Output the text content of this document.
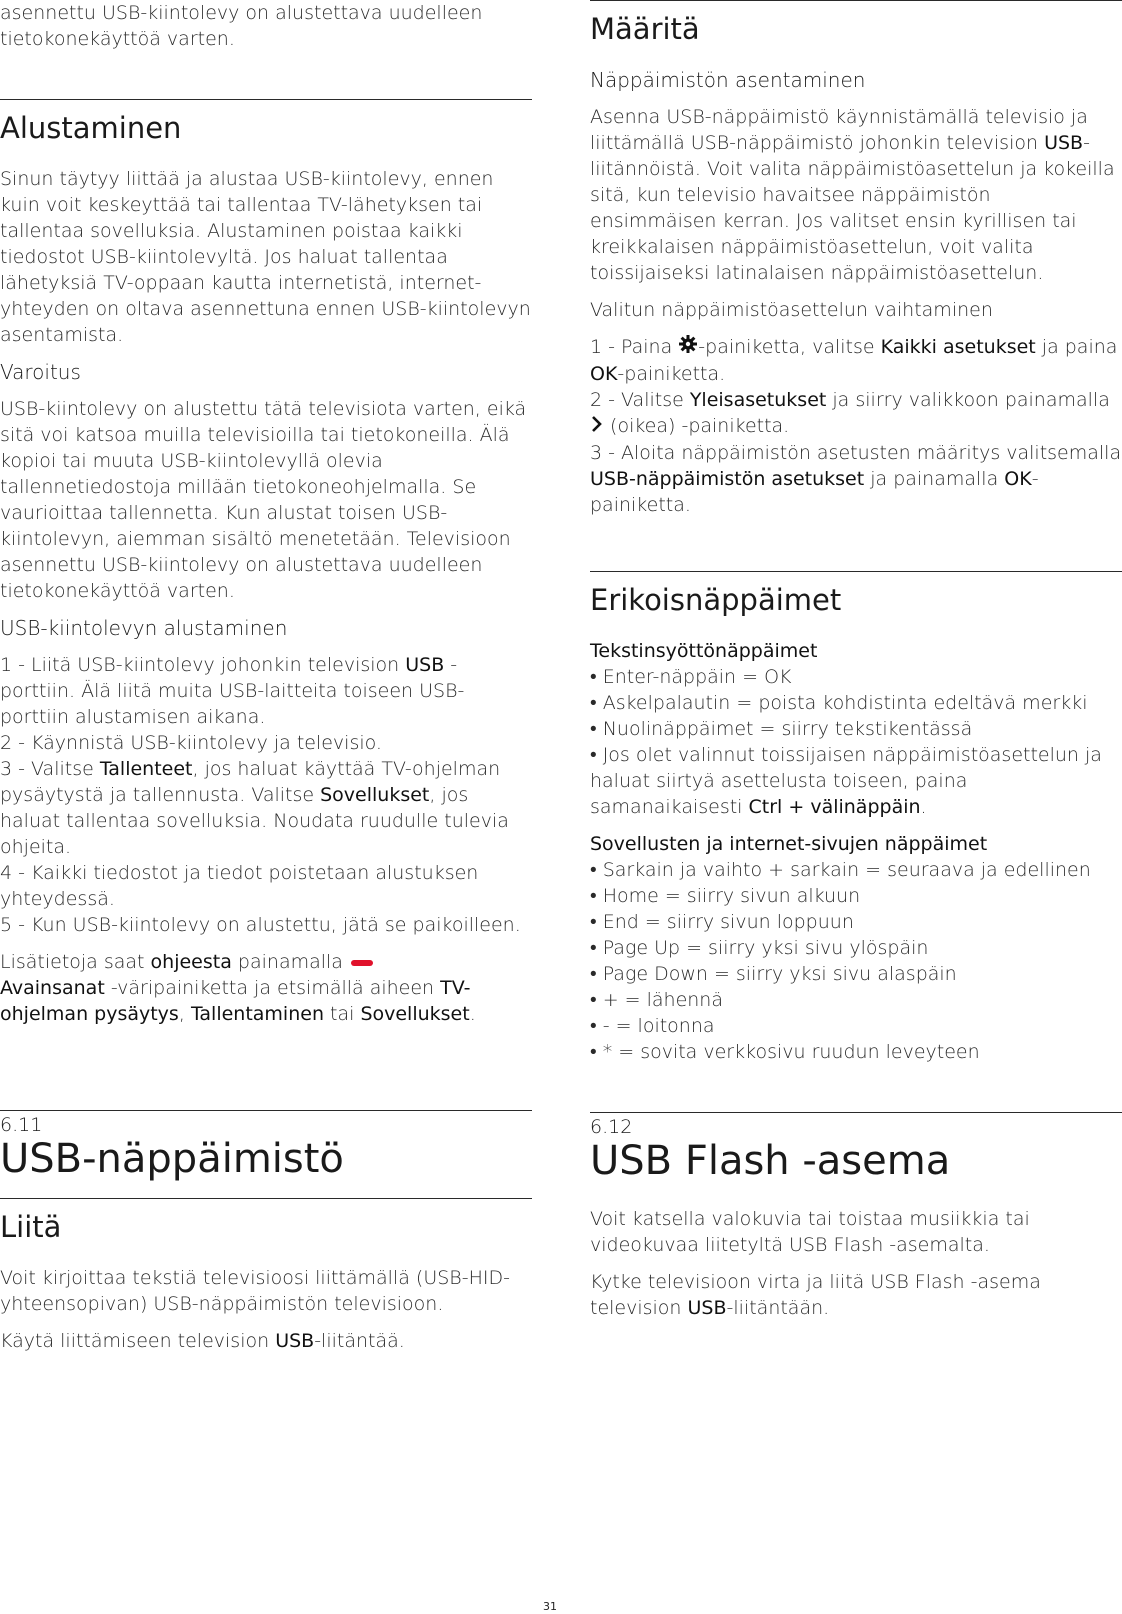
asennettu USB-kiintolevy on alustettava uudelleen
tietokonekäyttöä varten.

Alustaminen

Sinun täytyy liittää ja alustaa USB-kiintolevy, ennen kuin voit keskeyttää tai tallentaa TV-lähetyksen tai tallentaa sovelluksia. Alustaminen poistaa kaikki tiedostot USB-kiintolevyltä. Jos haluat tallentaa lähetyksiä TV-oppaan kautta internetistä, internet-yhteyden on oltava asennettuna ennen USB-kiintolevyn asentamista.

Varoitus

USB-kiintolevy on alustettu tätä televisiota varten, eikä sitä voi katsoa muilla televisioilla tai tietokoneilla. Älä kopioi tai muuta USB-kiintolevyllä olevia tallennetiedostoja millään tietokoneohjelmalla. Se vaurioittaa tallennetta. Kun alustat toisen USB-kiintolevyn, aiemman sisältö menetetään. Televisioon asennettu USB-kiintolevy on alustettava uudelleen tietokonekäyttöä varten.

USB-kiintolevyn alustaminen

1 - Liitä USB-kiintolevy johonkin television USB -porttiin. Älä liitä muita USB-laitteita toiseen USB-porttiin alustamisen aikana.

2 - Käynnistä USB-kiintolevy ja televisio.

3 - Valitse Tallenteet, jos haluat käyttää TV-ohjelman pysäytystä ja tallennusta. Valitse Sovellukset, jos haluat tallentaa sovelluksia. Noudata ruudulle tulevia ohjeita.

4 - Kaikki tiedostot ja tiedot poistetaan alustuksen yhteydessä.

5 - Kun USB-kiintolevy on alustettu, jätä se paikoilleen.

Lisätietoja saat ohjeesta painamalla
Avainsanat -väripainiketta ja etsimällä aiheen TV-ohjelman pysäytys, Tallentaminen tai Sovellukset.

6.11

USB-näppäimistö
Liitä

Voit kirjoittaa tekstiä televisioosi liittämällä (USB-HID-yhteensopivan) USB-näppäimistön televisioon.

Käytä liittämiseen television USB-liitäntää.

Määritä

Näppäimistön asentaminen

Asenna USB-näppäimistö käynnistämällä televisio ja liittämällä USB-näppäimistö johonkin television USB-liitännöistä. Voit valita näppäimistöasettelun ja kokeilla sitä, kun televisio havaitsee näppäimistön ensimmäisen kerran. Jos valitset ensin kyrillisen tai kreikkalaisen näppäimistöasettelun, voit valita toissijaiseksi latinalaisen näppäimistöasettelun.

Valitun näppäimistöasettelun vaihtaminen

1 - Paina -painiketta, valitse Kaikki asetukset ja paina OK-painiketta.

2 - Valitse Yleisasetukset ja siirry valikkoon painamalla  (oikea) -painiketta.

3 - Aloita näppäimistön asetusten määritys valitsemalla USB-näppäimistön asetukset ja painamalla OK-painiketta.

Erikoisnäppäimet

Tekstinsyöttönäppäimet

• Enter-näppäin = OK

• Askelpalautin = poista kohdistinta edeltävä merkki

• Nuolinäppäimet = siirry tekstikentässä

• Jos olet valinnut toissijaisen näppäimistöasettelun ja haluat siirtyä asettelusta toiseen, paina samanaikaisesti Ctrl + välinäppäin.

Sovellusten ja internet-sivujen näppäimet

• Sarkain ja vaihto + sarkain = seuraava ja edellinen

• Home = siirry sivun alkuun

• End = siirry sivun loppuun

• Page Up = siirry yksi sivu ylöspäin

• Page Down = siirry yksi sivu alaspäin

• + = lähennä

• - = loitonna

• * = sovita verkkosivu ruudun leveyteen

6.12

USB Flash -asema

Voit katsella valokuvia tai toistaa musiikkia tai videokuvaa liitetyltä USB Flash -asemalta.

Kytke televisioon virta ja liitä USB Flash -asema television USB-liitäntään.

31
